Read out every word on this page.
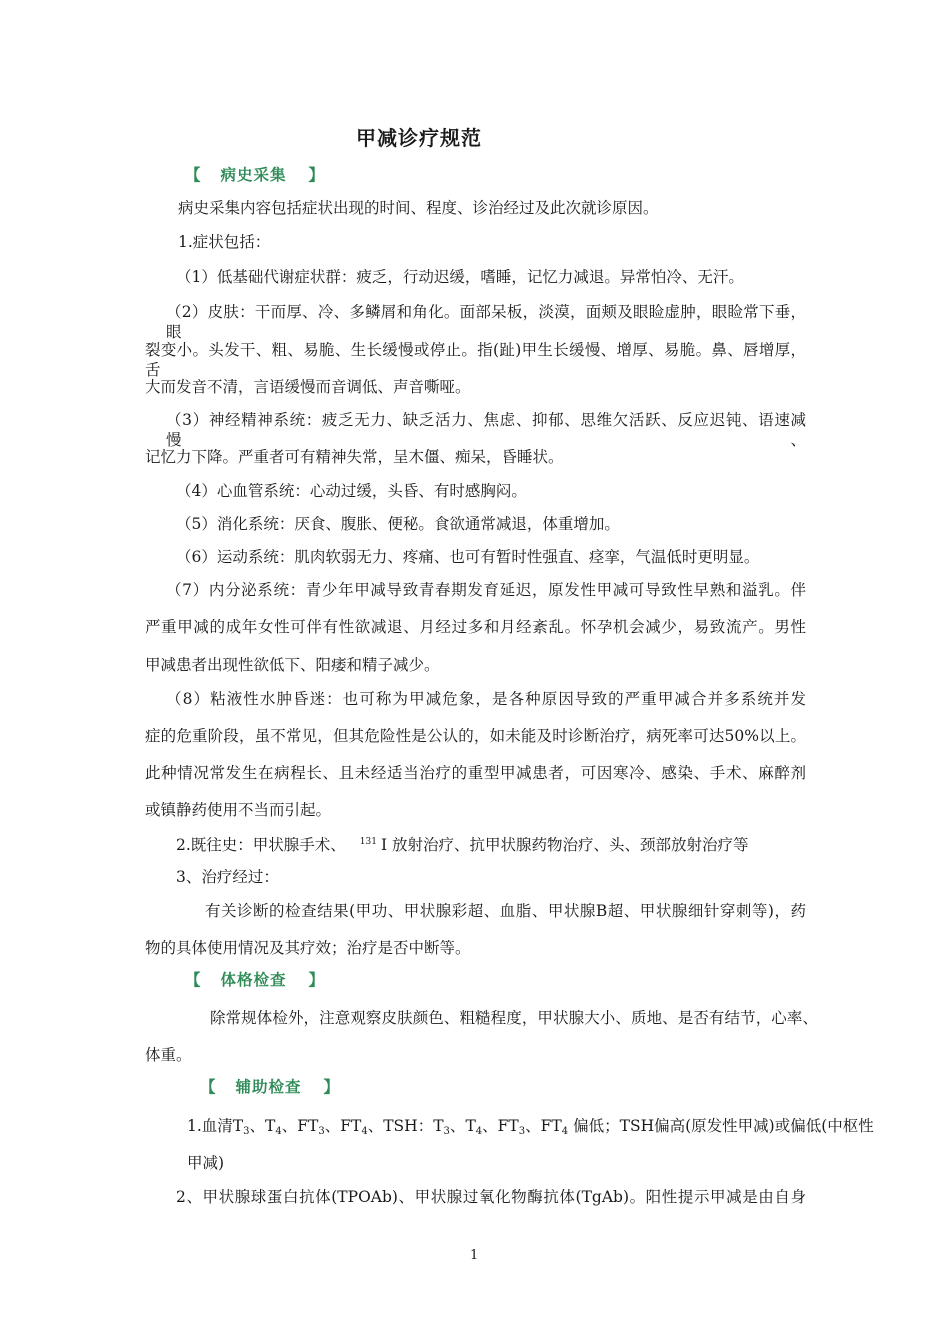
甲减诊疗规范
【 病史采集 】
病史采集内容包括症状出现的时间、程度、诊治经过及此次就诊原因。
1.症状包括：
（1）低基础代谢症状群：疲乏，行动迟缓，嗜睡，记忆力减退。异常怕冷、无汗。
（2）皮肤：干而厚、冷、多鳞屑和角化。面部呆板，淡漠，面颊及眼睑虚肿，眼睑常下垂，眼
裂变小。头发干、粗、易脆、生长缓慢或停止。指(趾)甲生长缓慢、增厚、易脆。鼻、唇增厚，舌
大而发音不清，言语缓慢而音调低、声音嘶哑。
（3）神经精神系统：疲乏无力、缺乏活力、焦虑、抑郁、思维欠活跃、反应迟钝、语速减慢、
记忆力下降。严重者可有精神失常，呈木僵、痴呆，昏睡状。
（4）心血管系统：心动过缓，头昏、有时感胸闷。
（5）消化系统：厌食、腹胀、便秘。食欲通常减退，体重增加。
（6）运动系统：肌肉软弱无力、疼痛、也可有暂时性强直、痉挛，气温低时更明显。
（7）内分泌系统：青少年甲减导致青春期发育延迟，原发性甲减可导致性早熟和溢乳。伴
严重甲减的成年女性可伴有性欲减退、月经过多和月经紊乱。怀孕机会减少，易致流产。男性
甲减患者出现性欲低下、阳痿和精子减少。
（8）粘液性水肿昏迷：也可称为甲减危象，是各种原因导致的严重甲减合并多系统并发
症的危重阶段，虽不常见，但其危险性是公认的，如未能及时诊断治疗，病死率可达50%以上。
此种情况常发生在病程长、且未经适当治疗的重型甲减患者，可因寒冷、感染、手术、麻醉剂
或镇静药使用不当而引起。
2.既往史：甲状腺手术、 $^{131}$ I 放射治疗、抗甲状腺药物治疗、头、颈部放射治疗等
3、治疗经过：
有关诊断的检查结果(甲功、甲状腺彩超、血脂、甲状腺B超、甲状腺细针穿刺等)，药
物的具体使用情况及其疗效；治疗是否中断等。
【 体格检查 】
除常规体检外，注意观察皮肤颜色、粗糙程度，甲状腺大小、质地、是否有结节，心率、
体重。
【 辅助检查 】
1.血清$T_3$、$T_4$、$FT_3$、$FT_4$、TSH：$T_3$、$T_4$、$FT_3$、$FT_4$ 偏低；TSH偏高(原发性甲减)或偏低(中枢性
甲减)
2、甲状腺球蛋白抗体(TPOAb)、甲状腺过氧化物酶抗体(TgAb)。阳性提示甲减是由自身
1
